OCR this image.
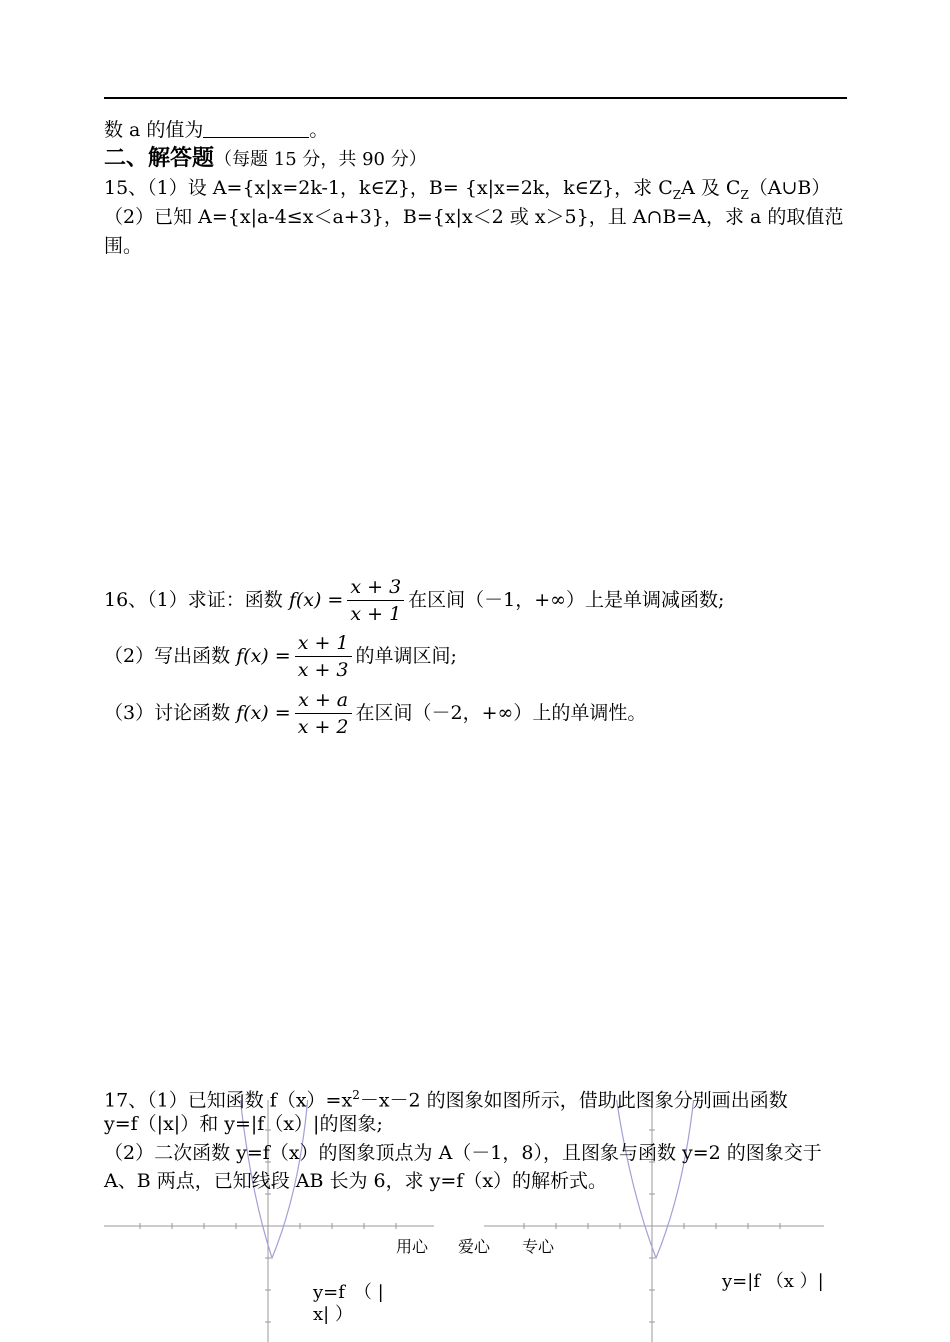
数 a 的值为	。
二、解答题（每题 15 分，共 90 分）
15、（1）设 A={x|x=2k-1，k∈Z}，B= {x|x=2k，k∈Z}，求 $C_ZA$ 及 $C_Z(A\cup B)$
（2）已知 A={x|a-4≤x＜a+3}，B={x|x＜2 或 x＞5}，且 A∩B=A，求 a 的取值范
围。
16、（1）求证：函数 $f(x) = \frac{x + 3}{x + 1}$ 在区间（－1，+∞）上是单调减函数;
（2）写出函数 $f(x) = \frac{x + 1}{x + 3}$ 的单调区间;
（3）讨论函数 $f(x) = \frac{x + a}{x + 2}$ 在区间（－2，+∞）上的单调性。
17、（1）已知函数 $f(x)=x^2-x-2$ 的图象如图所示，借助此图象分别画出函数
y=f（|x|）和 y=|f（x）|的图象;
（2）二次函数 y=f（x）的图象顶点为 A（－1，8），且图象与函数 y=2 的图象交于
A、B 两点，已知线段 AB 长为 6，求 y=f（x）的解析式。
用心 爱心 专心
y=f　（ |
x| ）
y=|f （x ）|
